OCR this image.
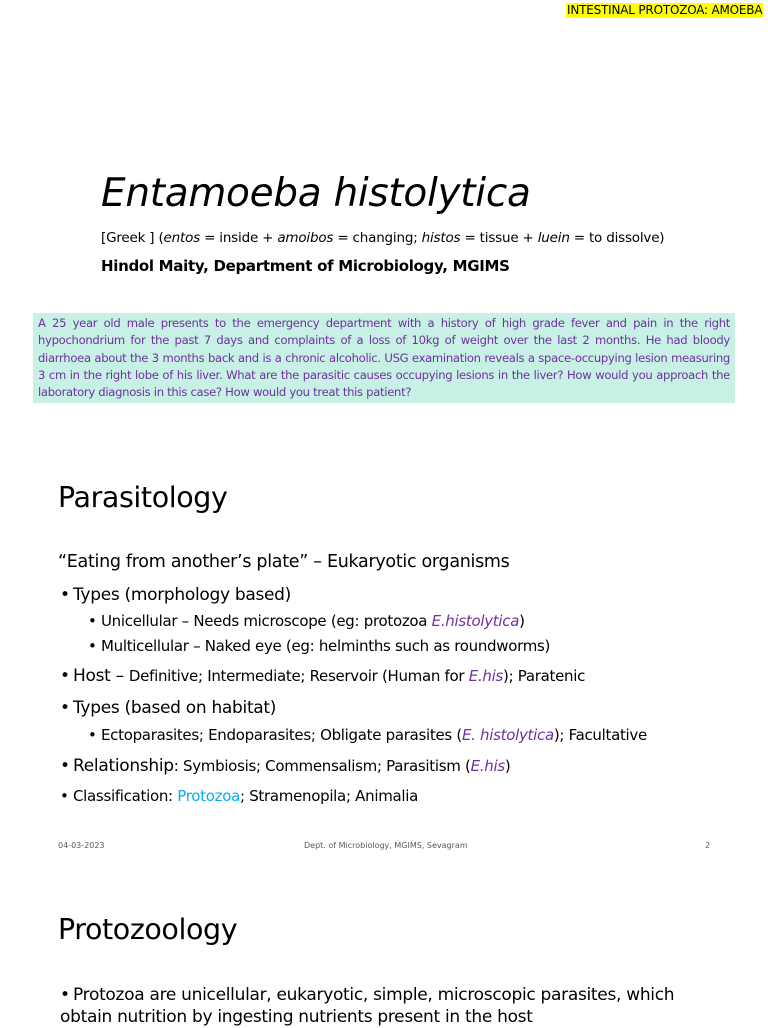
INTESTINAL PROTOZOA: AMOEBA
Entamoeba histolytica
[Greek ] (entos = inside + amoibos = changing; histos = tissue + luein = to dissolve)
Hindol Maity, Department of Microbiology, MGIMS
A 25 year old male presents to the emergency department with a history of high grade fever and pain in the right hypochondrium for the past 7 days and complaints of a loss of 10kg of weight over the last 2 months. He had bloody diarrhoea about the 3 months back and is a chronic alcoholic. USG examination reveals a space-occupying lesion measuring 3 cm in the right lobe of his liver. What are the parasitic causes occupying lesions in the liver? How would you approach the laboratory diagnosis in this case? How would you treat this patient?
Parasitology
“Eating from another’s plate” – Eukaryotic organisms
• Types (morphology based)
• Unicellular – Needs microscope (eg: protozoa E.histolytica)
• Multicellular – Naked eye (eg: helminths such as roundworms)
• Host – Definitive; Intermediate; Reservoir (Human for E.his); Paratenic
• Types (based on habitat)
• Ectoparasites; Endoparasites; Obligate parasites (E. histolytica); Facultative
• Relationship: Symbiosis; Commensalism; Parasitism (E.his)
• Classification: Protozoa; Stramenopila; Animalia
04-03-2023	Dept. of Microbiology, MGIMS, Sevagram	2
Protozoology
• Protozoa are unicellular, eukaryotic, simple, microscopic parasites, which obtain nutrition by ingesting nutrients present in the host
